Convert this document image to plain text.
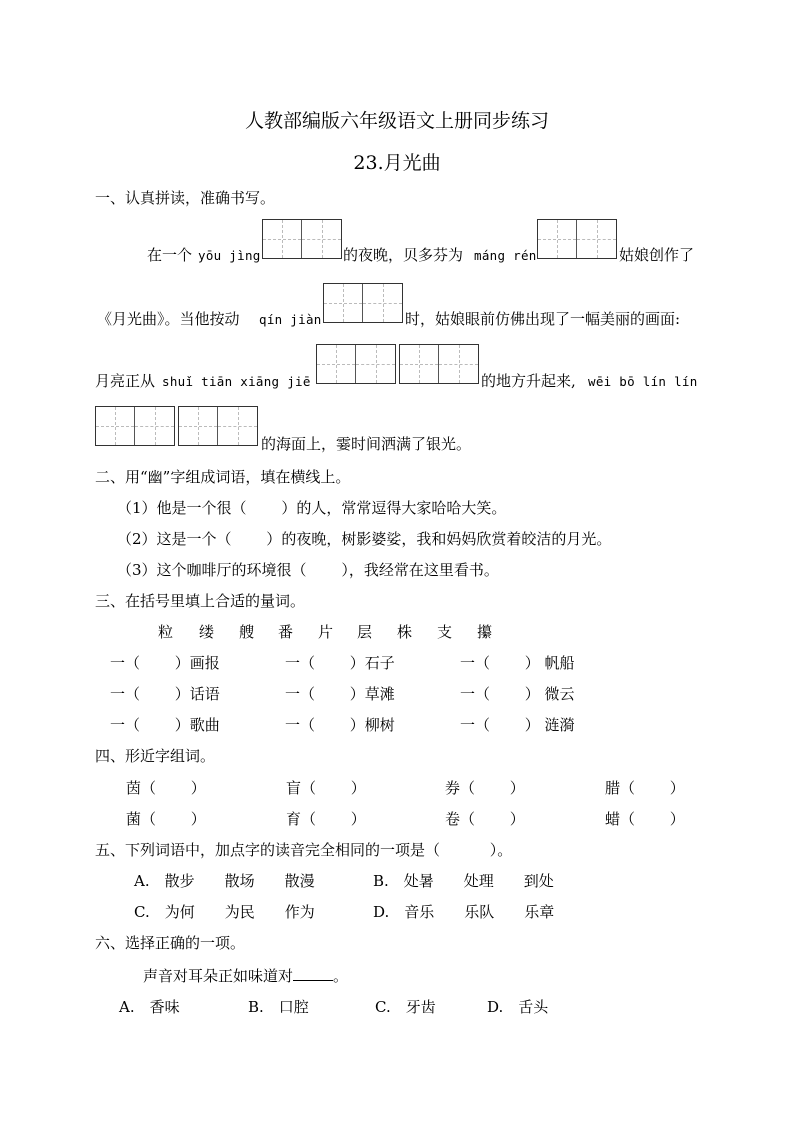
人教部编版六年级语文上册同步练习
23.月光曲
一、认真拼读，准确书写。
在一个 yōu jìng	的夜晚，贝多芬为 máng rén	姑娘创作了
《月光曲》。当他按动 qín jiàn	时，姑娘眼前仿佛出现了一幅美丽的画面:
月亮正从 shuǐ tiān xiāng jiē	的地方升起来, wēi bō lín lín
的海面上，霎时间洒满了银光。
二、用“幽”字组成词语，填在横线上。
（1）他是一个很（　　 ）的人，常常逗得大家哈哈大笑。
（2）这是一个（　　 ）的夜晚，树影婆娑，我和妈妈欣赏着皎洁的月光。
（3）这个咖啡厅的环境很（　　 ），我经常在这里看书。
三、在括号里填上合适的量词。
粒 缕 艘 番 片 层 株 支 攥
一（　　 ）画报	一（　　 ）石子	一（　　 ） 帆船
一（　　 ）话语	一（　　 ）草滩	一（　　 ） 微云
一（　　 ）歌曲	一（　　 ）柳树	一（　　 ） 涟漪
四、形近字组词。
茵（　　 ）	盲（　　 ）	券（　　 ）	腊（　　 ）
菌（　　 ）	育（　　 ）	卷（　　 ）	蜡（　　 ）
五、下列词语中，加点字的读音完全相同的一项是（　　　 ）。
A.　散步　　散场　　散漫	B.　处暑　　处理　　到处
C.　为何　　为民　　作为	D.　音乐　　乐队　　乐章
六、选择正确的一项。
声音对耳朵正如味道对	。
A.　香味	B.　口腔	C.　牙齿	D.　舌头
